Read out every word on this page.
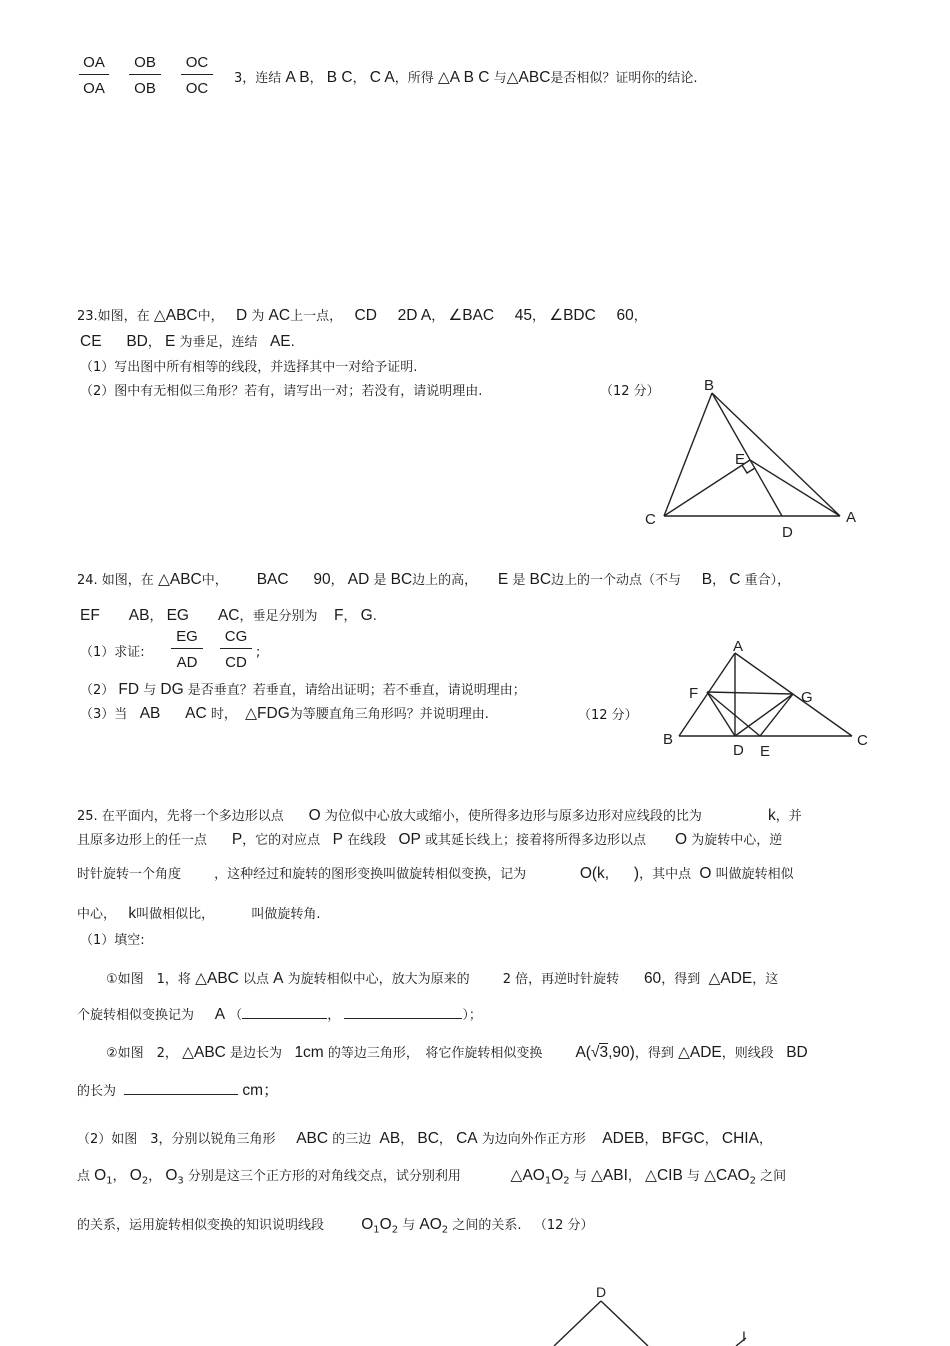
$\frac{OA}{OA} \frac{OB}{OB} \frac{OC}{OC} 3$，连结 A B， B C， C A，所得 △A B C 与△ABC是否相似？证明你的结论.
23.如图，在 △ABC中， D 为 AC上一点， CD 2D A， ∠BAC 45， ∠BDC 60，
CE BD， E 为垂足，连结 AE.
（1）写出图中所有相等的线段，并选择其中一对给予证明.
（2）图中有无相似三角形？若有，请写出一对；若没有，请说明理由.	（12 分）	B
E
C	A
D
24. 如图，在 △ABC中， BAC 90， AD 是 BC边上的高， E 是 BC边上的一个动点（不与 B， C 重合），
EF AB， EG AC，垂足分别为 F， G.
（1）求证: $\frac{EG}{AD} \frac{CG}{CD}$ ;
（2） FD 与 DG 是否垂直？若垂直，请给出证明；若不垂直，请说明理由；
（3）当 AB AC 时， △FDG为等腰直角三角形吗？并说明理由.	（12 分）
A
F	G
B
D E
C
25. 在平面内，先将一个多边形以点 O 为位似中心放大或缩小，使所得多边形与原多边形对应线段的比为	k，并
且原多边形上的任一点 P，它的对应点 P 在线段 OP 或其延长线上；接着将所得多边形以点 O 为旋转中心，逆
时针旋转一个角度	，这种经过和旋转的图形变换叫做旋转相似变换，记为	O(k, )，其中点 O 叫做旋转相似
中心， k叫做相似比，	叫做旋转角.
（1）填空:
①如图　1，将 △ABC 以点 A 为旋转相似中心，放大为原来的	2 倍，再逆时针旋转 60，得到 △ADE，这
个旋转相似变换记为 A （	，	）；
②如图　2， △ABC 是边长为 1cm 的等边三角形，　将它作旋转相似变换 A(√3,90)，得到 △ADE，则线段 BD
的长为	cm；
（2）如图　3，分别以锐角三角形 ABC 的三边 AB， BC， CA 为边向外作正方形 ADEB， BFGC， CHIA，
点 $O_1$， $O_2$， $O_3$ 分别是这三个正方形的对角线交点，试分别利用	$\triangle AO_1O_2$ 与 △ABI， △CIB 与 $\triangle CAO_2$ 之间
的关系，运用旋转相似变换的知识说明线段 $O_1O_2$ 与 $AO_2$ 之间的关系. （12 分）
D
I
